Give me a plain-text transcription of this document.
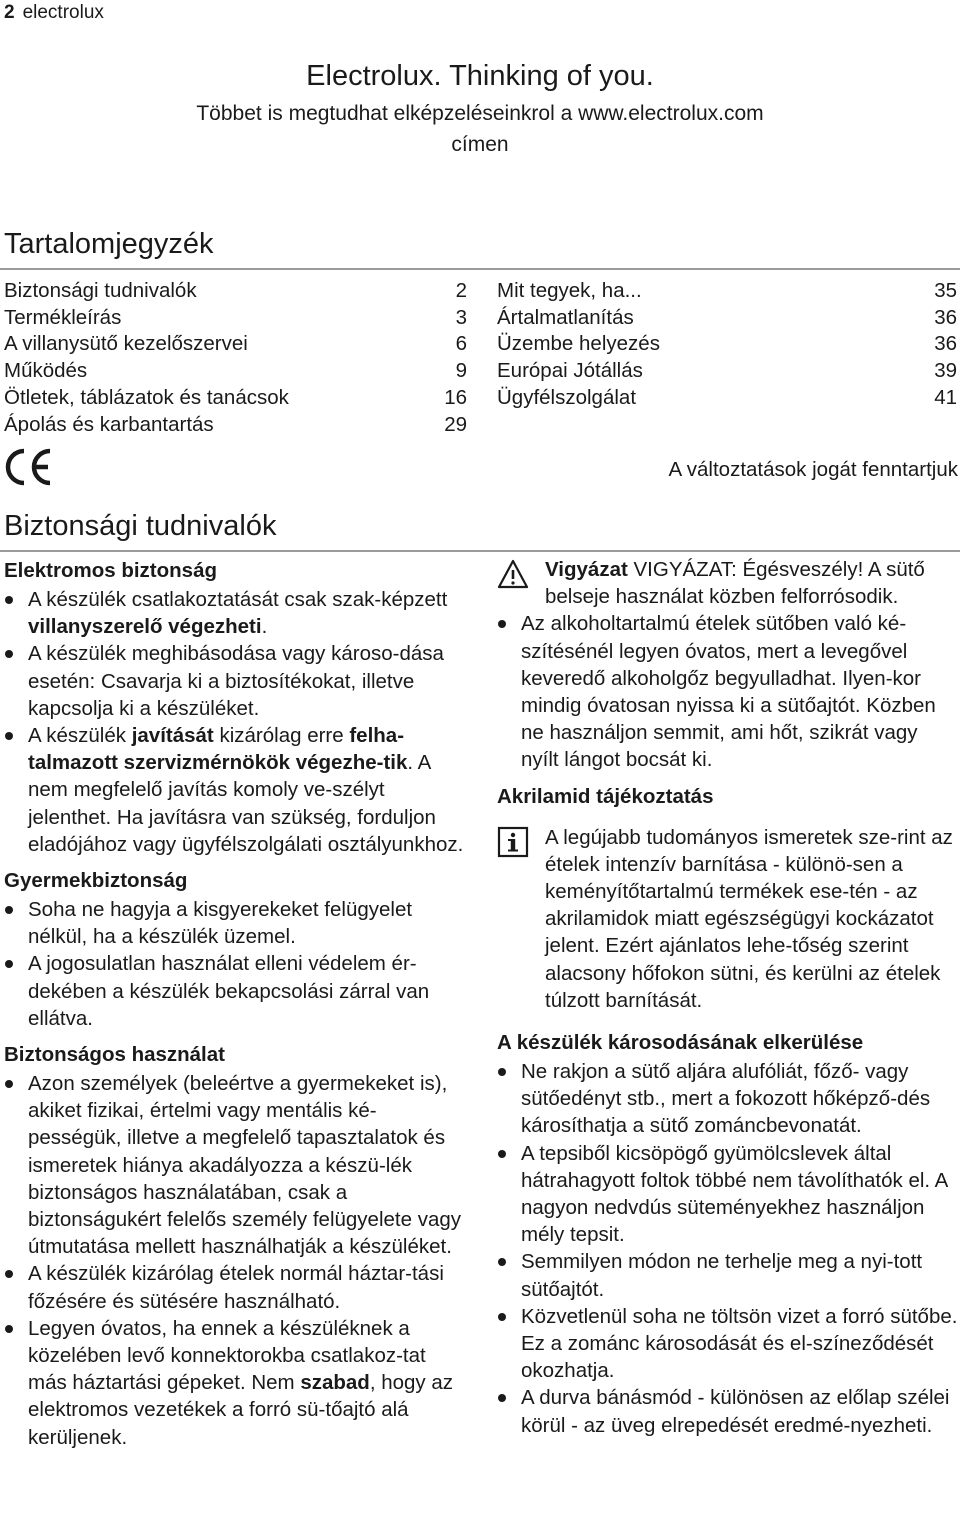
2 electrolux
Electrolux. Thinking of you.
Többet is megtudhat elképzeléseinkrol a www.electrolux.com
címen
Tartalomjegyzék
Biztonsági tudnivalók	2
Termékleírás	3
A villanysütő kezelőszervei	6
Működés	9
Ötletek, táblázatok és tanácsok	16
Ápolás és karbantartás	29
Mit tegyek, ha...	35
Ártalmatlanítás	36
Üzembe helyezés	36
Európai Jótállás	39
Ügyfélszolgálat	41
A változtatások jogát fenntartjuk
Biztonsági tudnivalók
Elektromos biztonság
A készülék csatlakoztatását csak szak-képzett villanyszerelő végezheti.
A készülék meghibásodása vagy károso-dása esetén: Csavarja ki a biztosítékokat, illetve kapcsolja ki a készüléket.
A készülék javítását kizárólag erre felha-talmazott szervizmérnökök végezhe-tik. A nem megfelelő javítás komoly ve-szélyt jelenthet. Ha javításra van szükség, forduljon eladójához vagy ügyfélszolgálati osztályunkhoz.
Gyermekbiztonság
Soha ne hagyja a kisgyerekeket felügyelet nélkül, ha a készülék üzemel.
A jogosulatlan használat elleni védelem ér-dekében a készülék bekapcsolási zárral van ellátva.
Biztonságos használat
Azon személyek (beleértve a gyermekeket is), akiket fizikai, értelmi vagy mentális ké-pességük, illetve a megfelelő tapasztalatok és ismeretek hiánya akadályozza a készü-lék biztonságos használatában, csak a biztonságukért felelős személy felügyelete vagy útmutatása mellett használhatják a készüléket.
A készülék kizárólag ételek normál háztar-tási főzésére és sütésére használható.
Legyen óvatos, ha ennek a készüléknek a közelében levő konnektorokba csatlakoz-tat más háztartási gépeket. Nem szabad, hogy az elektromos vezetékek a forró sü-tőajtó alá kerüljenek.
Vigyázat VIGYÁZAT: Égésveszély! A sütő belseje használat közben felforrósodik.
Az alkoholtartalmú ételek sütőben való ké-szítésénél legyen óvatos, mert a levegővel keveredő alkoholgőz begyulladhat. Ilyen-kor mindig óvatosan nyissa ki a sütőajtót. Közben ne használjon semmit, ami hőt, szikrát vagy nyílt lángot bocsát ki.
Akrilamid tájékoztatás
A legújabb tudományos ismeretek sze-rint az ételek intenzív barnítása - különö-sen a keményítőtartalmú termékek ese-tén - az akrilamidok miatt egészségügyi kockázatot jelent. Ezért ajánlatos lehe-tőség szerint alacsony hőfokon sütni, és kerülni az ételek túlzott barnítását.
A készülék károsodásának elkerülése
Ne rakjon a sütő aljára alufóliát, főző- vagy sütőedényt stb., mert a fokozott hőképző-dés károsíthatja a sütő zománcbevonatát.
A tepsiből kicsöpögő gyümölcslevek által hátrahagyott foltok többé nem távolíthatók el. A nagyon nedvdús süteményekhez használjon mély tepsit.
Semmilyen módon ne terhelje meg a nyi-tott sütőajtót.
Közvetlenül soha ne töltsön vizet a forró sütőbe. Ez a zománc károsodását és el-színeződését okozhatja.
A durva bánásmód - különösen az előlap szélei körül - az üveg elrepedését eredmé-nyezheti.
